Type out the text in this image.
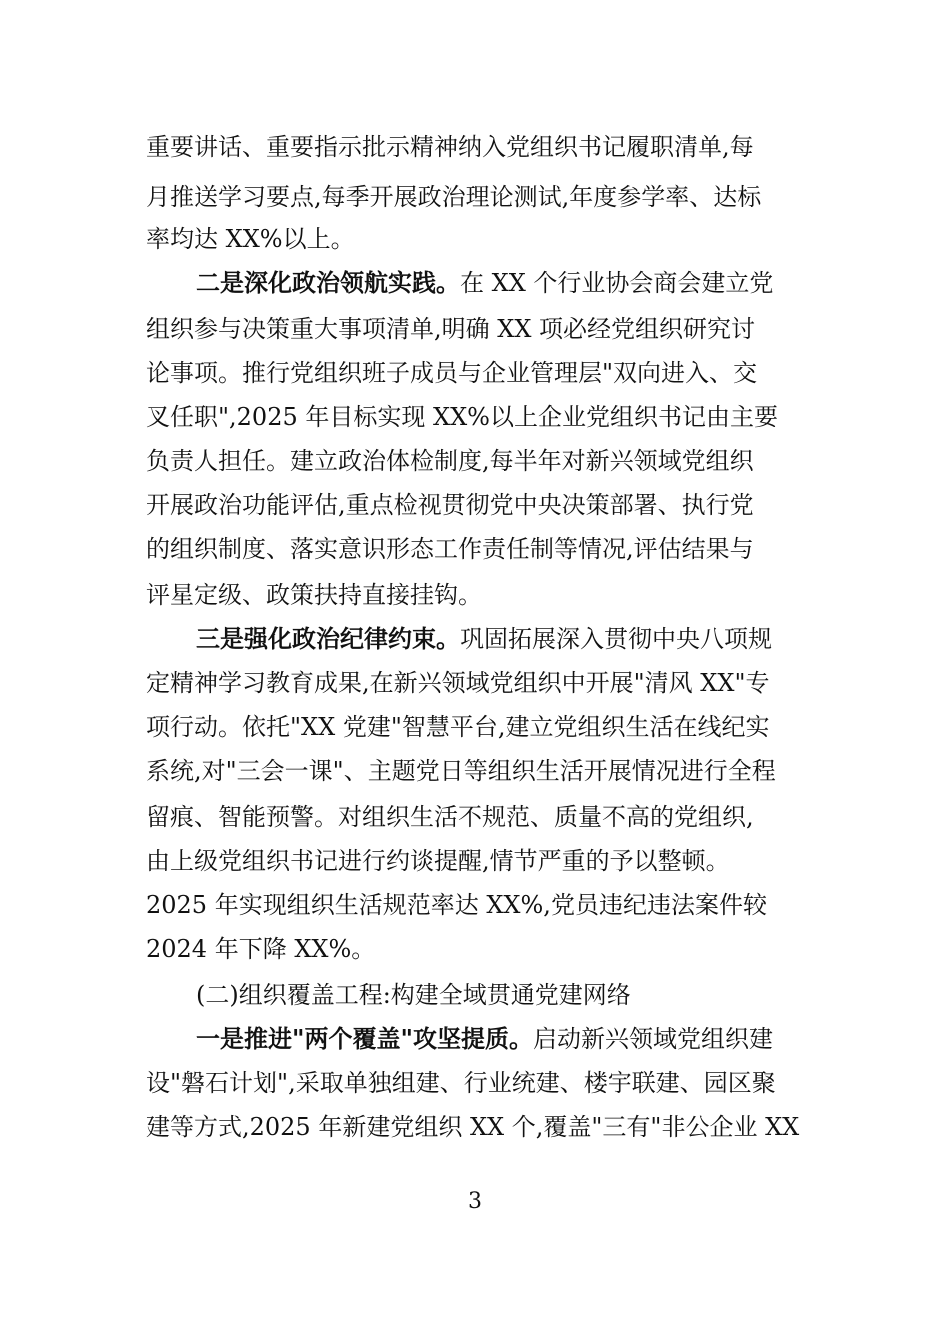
重要讲话、重要指示批示精神纳入党组织书记履职清单,每
月推送学习要点,每季开展政治理论测试,年度参学率、达标
率均达 XX%以上。
二是深化政治领航实践。在 XX 个行业协会商会建立党
组织参与决策重大事项清单,明确 XX 项必经党组织研究讨
论事项。推行党组织班子成员与企业管理层"双向进入、交
叉任职",2025 年目标实现 XX%以上企业党组织书记由主要
负责人担任。建立政治体检制度,每半年对新兴领域党组织
开展政治功能评估,重点检视贯彻党中央决策部署、执行党
的组织制度、落实意识形态工作责任制等情况,评估结果与
评星定级、政策扶持直接挂钩。
三是强化政治纪律约束。巩固拓展深入贯彻中央八项规
定精神学习教育成果,在新兴领域党组织中开展"清风 XX"专
项行动。依托"XX 党建"智慧平台,建立党组织生活在线纪实
系统,对"三会一课"、主题党日等组织生活开展情况进行全程
留痕、智能预警。对组织生活不规范、质量不高的党组织,
由上级党组织书记进行约谈提醒,情节严重的予以整顿。
2025 年实现组织生活规范率达 XX%,党员违纪违法案件较
2024 年下降 XX%。
(二)组织覆盖工程:构建全域贯通党建网络
一是推进"两个覆盖"攻坚提质。启动新兴领域党组织建
设"磐石计划",采取单独组建、行业统建、楼宇联建、园区聚
建等方式,2025 年新建党组织 XX 个,覆盖"三有"非公企业 XX
3
